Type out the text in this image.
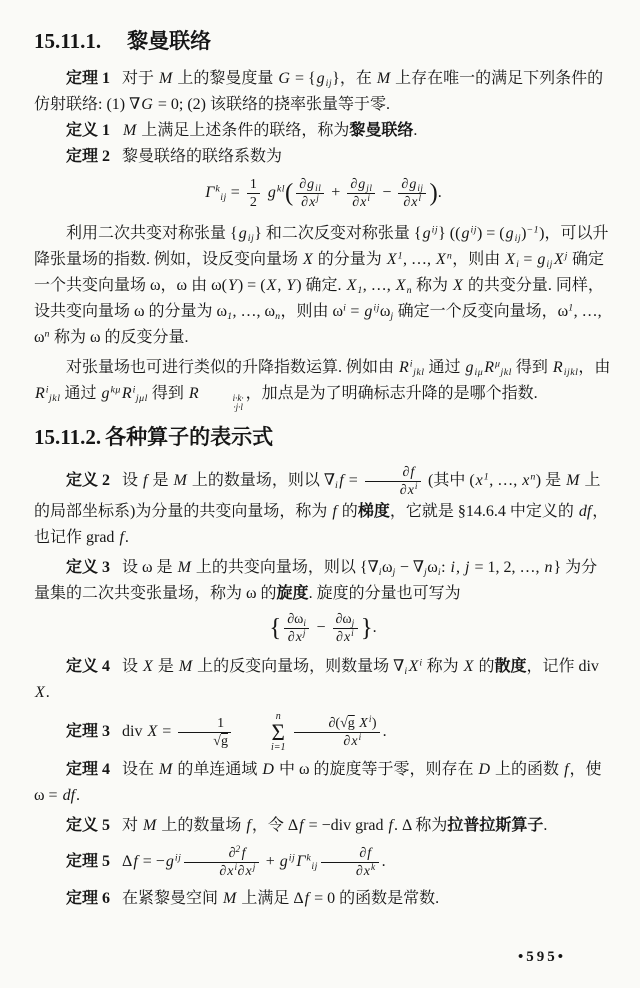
15.11.1. 黎曼联络

定理 1 对于 M 上的黎曼度量 $G = \{g_{ij}\}$，在 M 上存在唯一的满足下列条件的仿射联络: (1) ∇G = 0; (2) 该联络的挠率张量等于零.

定义 1 M 上满足上述条件的联络，称为黎曼联络.

定理 2 黎曼联络的联络系数为

$\Gamma^k_{ij} = \frac{1}{2} g^{kl}( \frac{\partial g_{il}}{\partial x^j} + \frac{\partial g_{jl}}{\partial x^i} - \frac{\partial g_{ij}}{\partial x^l}$ ).

利用二次共变对称张量 $\{g_{ij}\}$ 和二次反变对称张量 $\{g^{ij}\} ((g^{ij}) = (g_{ij})^{-1})$，可以升降张量场的指数. 例如，设反变向量场 X 的分量为 $X^1$, …, $X^n$，则由 $X_i = g_{ij}X^j$ 确定一个共变向量场 ω，ω 由 ω(Y) = (X, Y) 确定. $X_1$, …, $X_n$ 称为 X 的共变分量. 同样，设共变向量场 ω 的分量为 $\omega_1$, …, $\omega_n$，则由 $\omega^i = g^{ij}\omega_j$ 确定一个反变向量场，$\omega^1$, …, $\omega^n$ 称为 ω 的反变分量.

对张量场也可进行类似的升降指数运算. 例如由 $R^i_{jkl}$ 通过 $g_{i\mu}R^\mu_{jkl}$ 得到 $R_{ijkl}$，由 $R^i_{jkl}$ 通过 $g^{k\mu}R^i_{j\mu l}$ 得到 R	i·k·
·j·l
，加点是为了明确标志升降的是哪个指数.

15.11.2. 各种算子的表示式

定义 2 设 f 是 M 上的数量场，则以 $\nabla_if = \frac{\partial f}{\partial x^i}$ (其中 ($x^1$, …, $x^n$) 是 M 上的局部坐标系)为分量的共变向量场，称为 f 的梯度，它就是 §14.6.4 中定义的 df，也记作 grad f.

定义 3 设 ω 是 M 上的共变向量场，则以 {$\nabla_i\omega_j - \nabla_j\omega_i$: i, j = 1, 2, …, n} 为分量集的二次共变张量场，称为 ω 的旋度. 旋度的分量也可写为

{ $\frac{\partial\omega_i}{\partial x^j} - \frac{\partial\omega_j}{\partial x^i}$ }.

定义 4 设 X 是 M 上的反变向量场，则数量场 $\nabla_iX^i$ 称为 X 的散度，记作 div X.

定理 3 div $X = \frac{1}{√g}$	n
Σ
$i=1 \frac{\partial(√g X^i)}{\partial x^i}$ .

定理 4 设在 M 的单连通域 D 中 ω 的旋度等于零，则存在 D 上的函数 f，使 ω = df.

定义 5 对 M 上的数量场 f，令 Δf = −div grad f. Δ 称为拉普拉斯算子.

定理 5 $\Delta f = -g^{ij} \frac{\partial^2f}{\partial x^i\partial x^j} + g^{ij}\Gamma^k_{ij} \frac{\partial f}{\partial x^k}$ .

定理 6 在紧黎曼空间 M 上满足 Δf = 0 的函数是常数.

•595•
